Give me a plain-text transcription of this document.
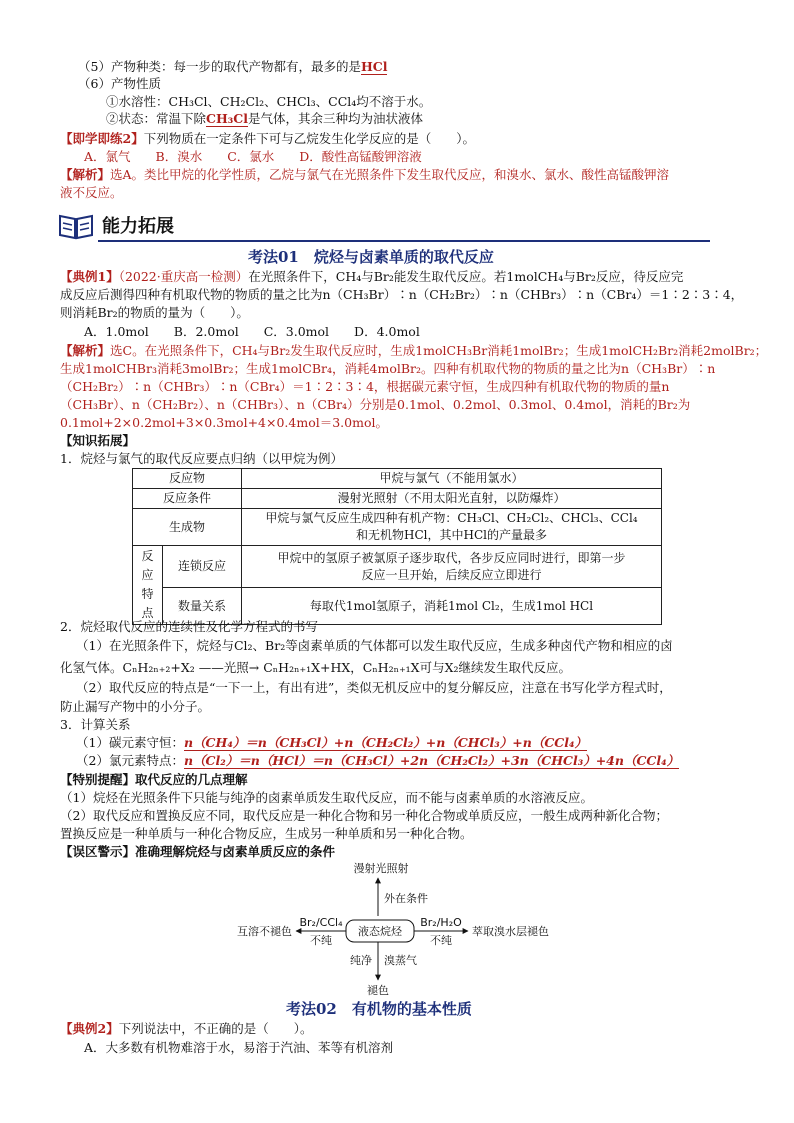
（5）产物种类：每一步的取代产物都有，最多的是HCl
（6）产物性质
①水溶性：CH₃Cl、CH₂Cl₂、CHCl₃、CCl₄均不溶于水。
②状态：常温下除CH₃Cl是气体，其余三种均为油状液体
【即学即练2】下列物质在一定条件下可与乙烷发生化学反应的是（　　）。
A．氯气　　B．溴水　　C．氯水　　D．酸性高锰酸钾溶液
【解析】选A。类比甲烷的化学性质，乙烷与氯气在光照条件下发生取代反应，和溴水、氯水、酸性高锰酸钾溶
液不反应。
能力拓展
考法01　烷烃与卤素单质的取代反应
【典例1】（2022·重庆高一检测）在光照条件下，CH₄与Br₂能发生取代反应。若1molCH₄与Br₂反应，待反应完
成反应后测得四种有机取代物的物质的量之比为n（CH₃Br）∶n（CH₂Br₂）∶n（CHBr₃）∶n（CBr₄）＝1∶2∶3∶4，
则消耗Br₂的物质的量为（　　）。
A．1.0mol　　B．2.0mol　　C．3.0mol　　D．4.0mol
【解析】选C。在光照条件下，CH₄与Br₂发生取代反应时，生成1molCH₃Br消耗1molBr₂；生成1molCH₂Br₂消耗2molBr₂；
生成1molCHBr₃消耗3molBr₂；生成1molCBr₄，消耗4molBr₂。四种有机取代物的物质的量之比为n（CH₃Br）∶n
（CH₂Br₂）∶n（CHBr₃）∶n（CBr₄）＝1∶2∶3∶4，根据碳元素守恒，生成四种有机取代物的物质的量n
（CH₃Br）、n（CH₂Br₂）、n（CHBr₃）、n（CBr₄）分别是0.1mol、0.2mol、0.3mol、0.4mol，消耗的Br₂为
0.1mol+2×0.2mol+3×0.3mol+4×0.4mol＝3.0mol。
【知识拓展】
1．烷烃与氯气的取代反应要点归纳（以甲烷为例）
反应物		甲烷与氯气（不能用氯水）
反应条件		漫射光照射（不用太阳光直射，以防爆炸）
生成物		甲烷与氯气反应生成四种有机产物：CH₃Cl、CH₂Cl₂、CHCl₃、CCl₄
和无机物HCl，其中HCl的产量最多

反应特点	连锁反应	甲烷中的氢原子被氯原子逐步取代，各步反应同时进行，即第一步
反应一旦开始，后续反应立即进行

	数量关系	每取代1mol氢原子，消耗1mol Cl₂，生成1mol HCl
2．烷烃取代反应的连续性及化学方程式的书写
（1）在光照条件下，烷烃与Cl₂、Br₂等卤素单质的气体都可以发生取代反应，生成多种卤代产物和相应的卤
化氢气体。CₙH₂ₙ₊₂+X₂ ——光照→ CₙH₂ₙ₊₁X+HX，CₙH₂ₙ₊₁X可与X₂继续发生取代反应。
（2）取代反应的特点是“一下一上，有出有进”，类似无机反应中的复分解反应，注意在书写化学方程式时，
防止漏写产物中的小分子。
3．计算关系
（1）碳元素守恒：n（CH₄）＝n（CH₃Cl）+n（CH₂Cl₂）+n（CHCl₃）+n（CCl₄）
（2）氯元素特点：n（Cl₂）＝n（HCl）＝n（CH₃Cl）+2n（CH₂Cl₂）+3n（CHCl₃）+4n（CCl₄）
【特别提醒】取代反应的几点理解
（1）烷烃在光照条件下只能与纯净的卤素单质发生取代反应，而不能与卤素单质的水溶液反应。
（2）取代反应和置换反应不同，取代反应是一种化合物和另一种化合物或单质反应，一般生成两种新化合物；
置换反应是一种单质与一种化合物反应，生成另一种单质和另一种化合物。
【误区警示】准确理解烷烃与卤素单质反应的条件
漫射光照射
外在条件
液态烷烃
Br₂/CCl₄
不纯
互溶不褪色
Br₂/H₂O
不纯
萃取溴水层褪色
纯净 溴蒸气
褪色
考法02　有机物的基本性质
【典例2】下列说法中，不正确的是（　　）。
A．大多数有机物难溶于水，易溶于汽油、苯等有机溶剂
